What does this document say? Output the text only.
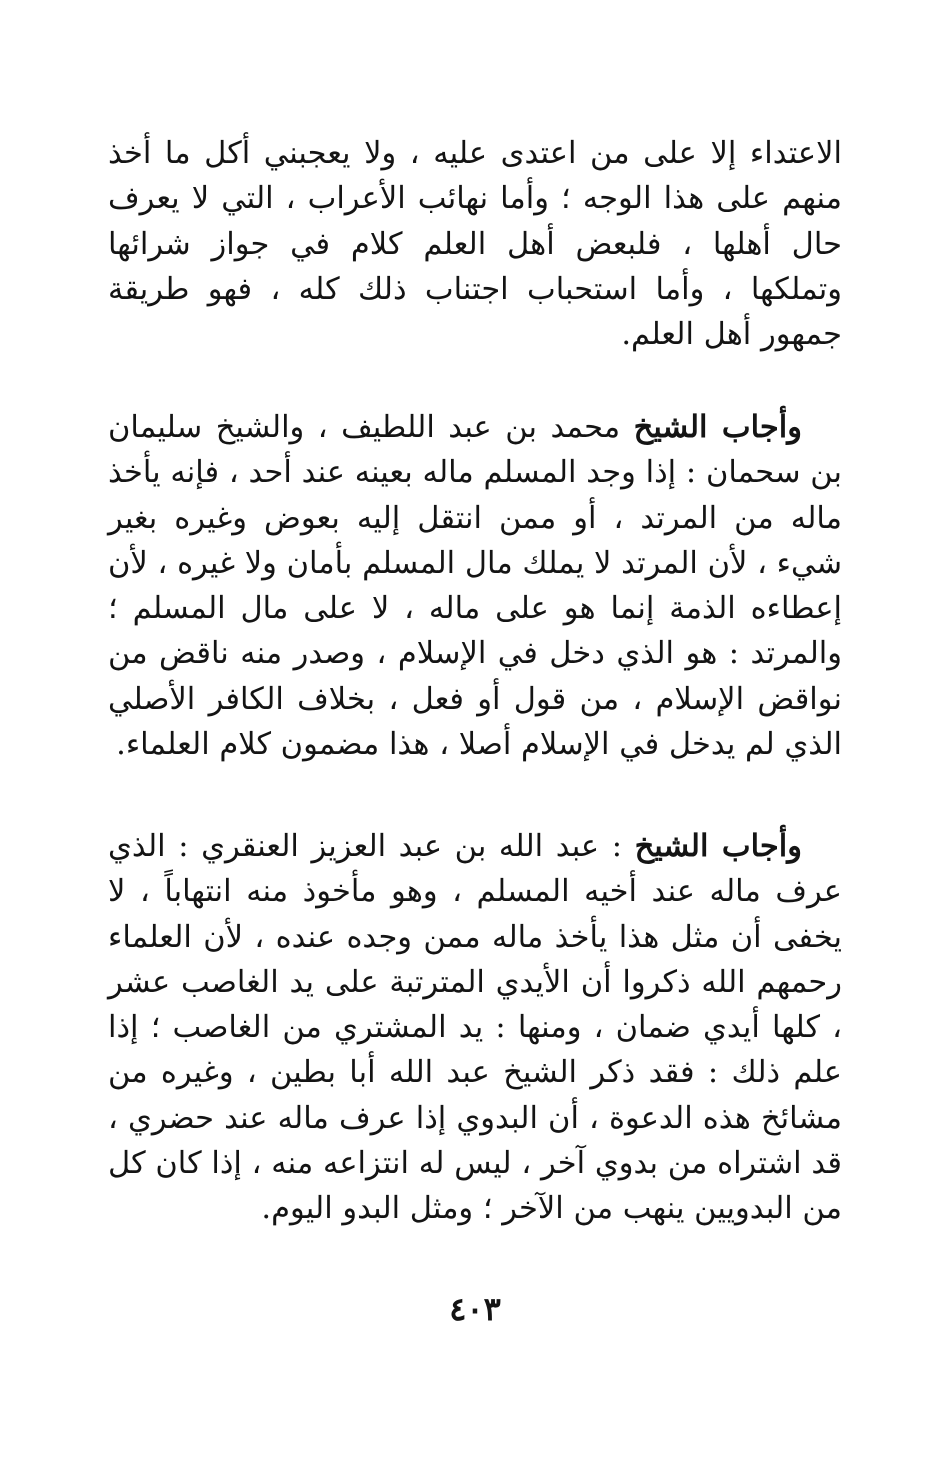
الاعتداء إلا على من اعتدى عليه ، ولا يعجبني أكل ما أخذ منهم على هذا الوجه ؛ وأما نهائب الأعراب ، التي لا يعرف حال أهلها ، فلبعض أهل العلم كلام في جواز شرائها وتملكها ، وأما استحباب اجتناب ذلك كله ، فهو طريقة جمهور أهل العلم.

وأجاب الشيخ محمد بن عبد اللطيف ، والشيخ سليمان بن سحمان : إذا وجد المسلم ماله بعينه عند أحد ، فإنه يأخذ ماله من المرتد ، أو ممن انتقل إليه بعوض وغيره بغير شيء ، لأن المرتد لا يملك مال المسلم بأمان ولا غيره ، لأن إعطاءه الذمة إنما هو على ماله ، لا على مال المسلم ؛ والمرتد : هو الذي دخل في الإسلام ، وصدر منه ناقض من نواقض الإسلام ، من قول أو فعل ، بخلاف الكافر الأصلي الذي لم يدخل في الإسلام أصلا ، هذا مضمون كلام العلماء.

وأجاب الشيخ : عبد الله بن عبد العزيز العنقري : الذي عرف ماله عند أخيه المسلم ، وهو مأخوذ منه انتهاباً ، لا يخفى أن مثل هذا يأخذ ماله ممن وجده عنده ، لأن العلماء رحمهم الله ذكروا أن الأيدي المترتبة على يد الغاصب عشر ، كلها أيدي ضمان ، ومنها : يد المشتري من الغاصب ؛ إذا علم ذلك : فقد ذكر الشيخ عبد الله أبا بطين ، وغيره من مشائخ هذه الدعوة ، أن البدوي إذا عرف ماله عند حضري ، قد اشتراه من بدوي آخر ، ليس له انتزاعه منه ، إذا كان كل من البدويين ينهب من الآخر ؛ ومثل البدو اليوم.

٤٠٣
